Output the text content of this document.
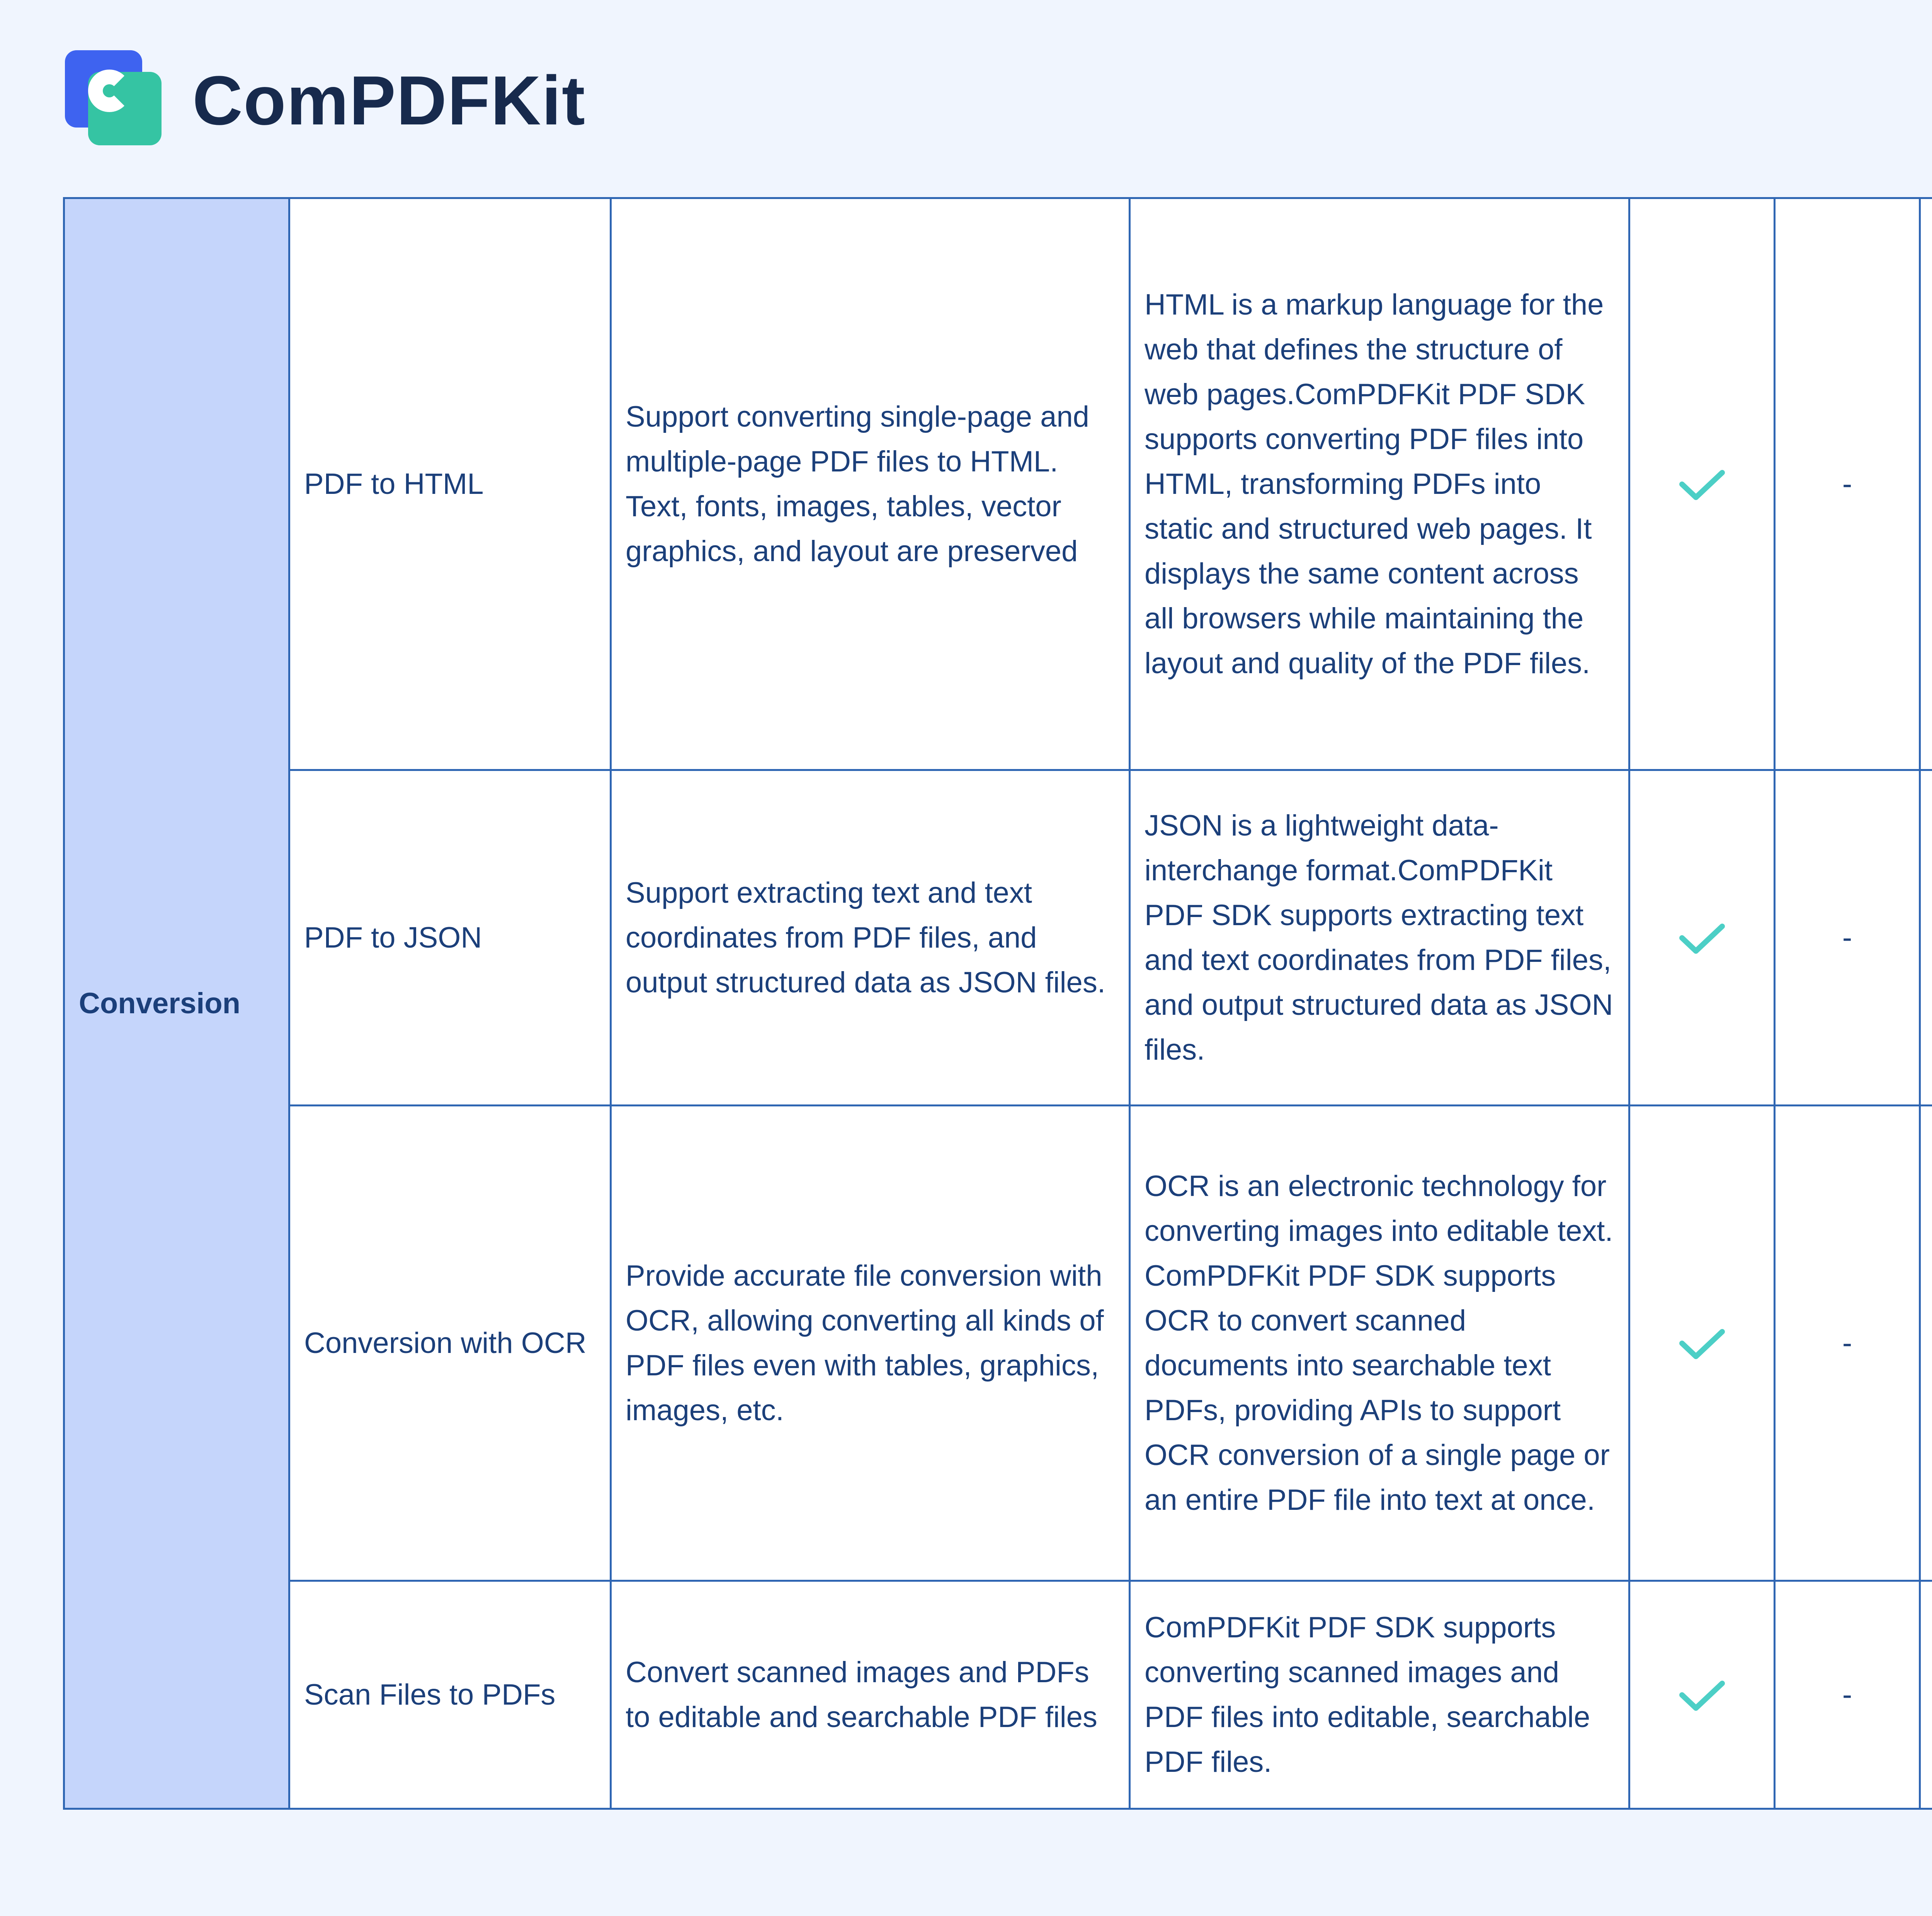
ComPDFKit
Conversion	PDF to HTML	Support converting single-page and multiple-page PDF files to HTML. Text, fonts, images, tables, vector graphics, and layout are preserved	HTML is a markup language for the web that defines the structure of web pages.ComPDFKit PDF SDK supports converting PDF files into HTML, transforming PDFs into static and structured web pages. It displays the same content across all browsers while maintaining the layout and quality of the PDF files.		-	

	PDF to JSON	Support extracting text and text coordinates from PDF files, and output structured data as JSON files.	JSON is a lightweight data-interchange format.ComPDFKit PDF SDK supports extracting text and text coordinates from PDF files, and output structured data as JSON files.		-	

	Conversion with OCR	Provide accurate file conversion with OCR, allowing converting all kinds of PDF files even with tables, graphics, images, etc.	OCR is an electronic technology for converting images into editable text. ComPDFKit PDF SDK supports OCR to convert scanned documents into searchable text PDFs, providing APIs to support OCR conversion of a single page or an entire PDF file into text at once.		-	

	Scan Files to PDFs	Convert scanned images and PDFs to editable and searchable PDF files	ComPDFKit PDF SDK supports converting scanned images and PDF files into editable, searchable PDF files.		-	
